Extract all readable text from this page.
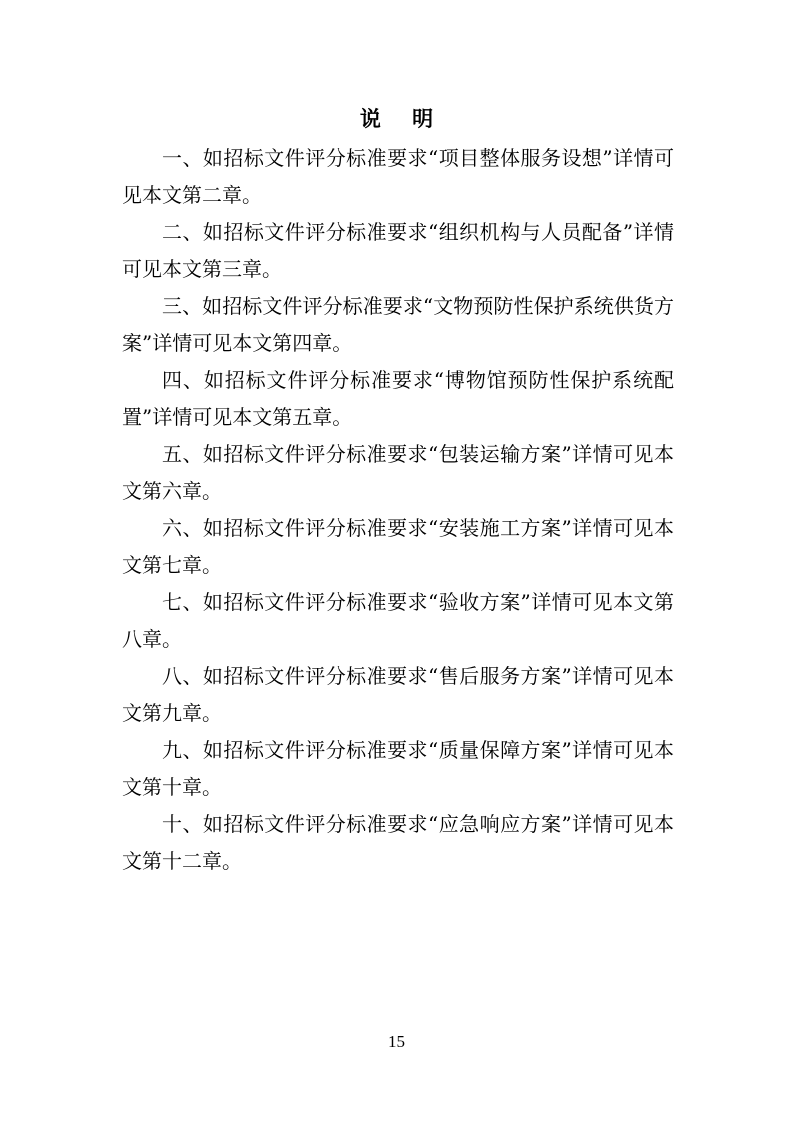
说 明

一、如招标文件评分标准要求“项目整体服务设想”详情可见本文第二章。

二、如招标文件评分标准要求“组织机构与人员配备”详情可见本文第三章。

三、如招标文件评分标准要求“文物预防性保护系统供货方案”详情可见本文第四章。

四、如招标文件评分标准要求“博物馆预防性保护系统配置”详情可见本文第五章。

五、如招标文件评分标准要求“包装运输方案”详情可见本文第六章。

六、如招标文件评分标准要求“安装施工方案”详情可见本文第七章。

七、如招标文件评分标准要求“验收方案”详情可见本文第八章。

八、如招标文件评分标准要求“售后服务方案”详情可见本文第九章。

九、如招标文件评分标准要求“质量保障方案”详情可见本文第十章。

十、如招标文件评分标准要求“应急响应方案”详情可见本文第十二章。

15
